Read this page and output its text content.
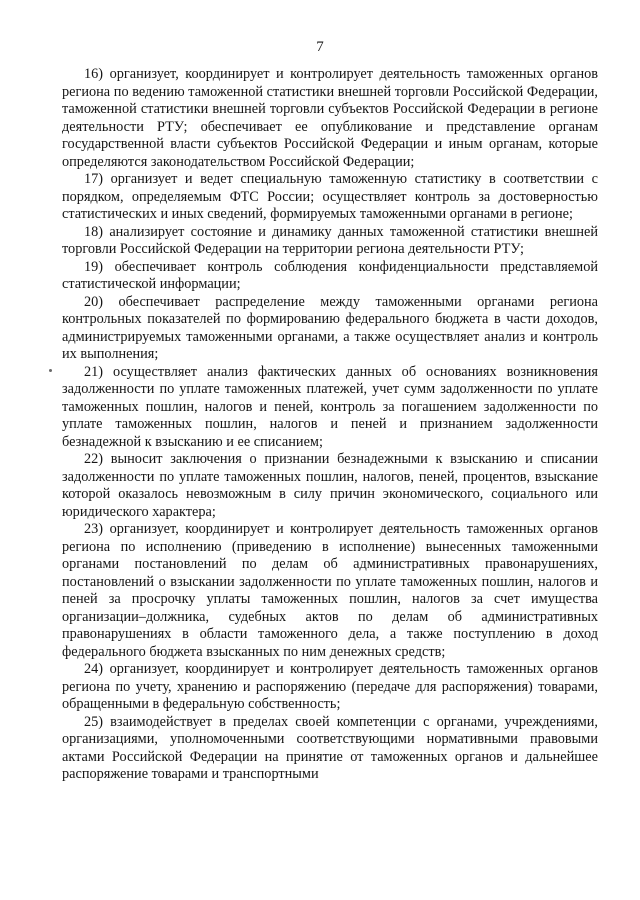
7

16) организует, координирует и контролирует деятельность таможенных органов региона по ведению таможенной статистики внешней торговли Российской Федерации, таможенной статистики внешней торговли субъектов Российской Федерации в регионе деятельности РТУ; обеспечивает ее опубликование и представление органам государственной власти субъектов Российской Федерации и иным органам, которые определяются законодательством Российской Федерации;

17) организует и ведет специальную таможенную статистику в соответствии с порядком, определяемым ФТС России; осуществляет контроль за достоверностью статистических и иных сведений, формируемых таможенными органами в регионе;

18) анализирует состояние и динамику данных таможенной статистики внешней торговли Российской Федерации на территории региона деятельности РТУ;

19) обеспечивает контроль соблюдения конфиденциальности представляемой статистической информации;

20) обеспечивает распределение между таможенными органами региона контрольных показателей по формированию федерального бюджета в части доходов, администрируемых таможенными органами, а также осуществляет анализ и контроль их выполнения;

21) осуществляет анализ фактических данных об основаниях возникновения задолженности по уплате таможенных платежей, учет сумм задолженности по уплате таможенных пошлин, налогов и пеней, контроль за погашением задолженности по уплате таможенных пошлин, налогов и пеней и признанием задолженности безнадежной к взысканию и ее списанием;

22) выносит заключения о признании безнадежными к взысканию и списании задолженности по уплате таможенных пошлин, налогов, пеней, процентов, взыскание которой оказалось невозможным в силу причин экономического, социального или юридического характера;

23) организует, координирует и контролирует деятельность таможенных органов региона по исполнению (приведению в исполнение) вынесенных таможенными органами постановлений по делам об административных правонарушениях, постановлений о взыскании задолженности по уплате таможенных пошлин, налогов и пеней за просрочку уплаты таможенных пошлин, налогов за счет имущества организации–должника, судебных актов по делам об административных правонарушениях в области таможенного дела, а также поступлению в доход федерального бюджета взысканных по ним денежных средств;

24) организует, координирует и контролирует деятельность таможенных органов региона по учету, хранению и распоряжению (передаче для распоряжения) товарами, обращенными в федеральную собственность;

25) взаимодействует в пределах своей компетенции с органами, учреждениями, организациями, уполномоченными соответствующими нормативными правовыми актами Российской Федерации на принятие от таможенных органов и дальнейшее распоряжение товарами и транспортными
